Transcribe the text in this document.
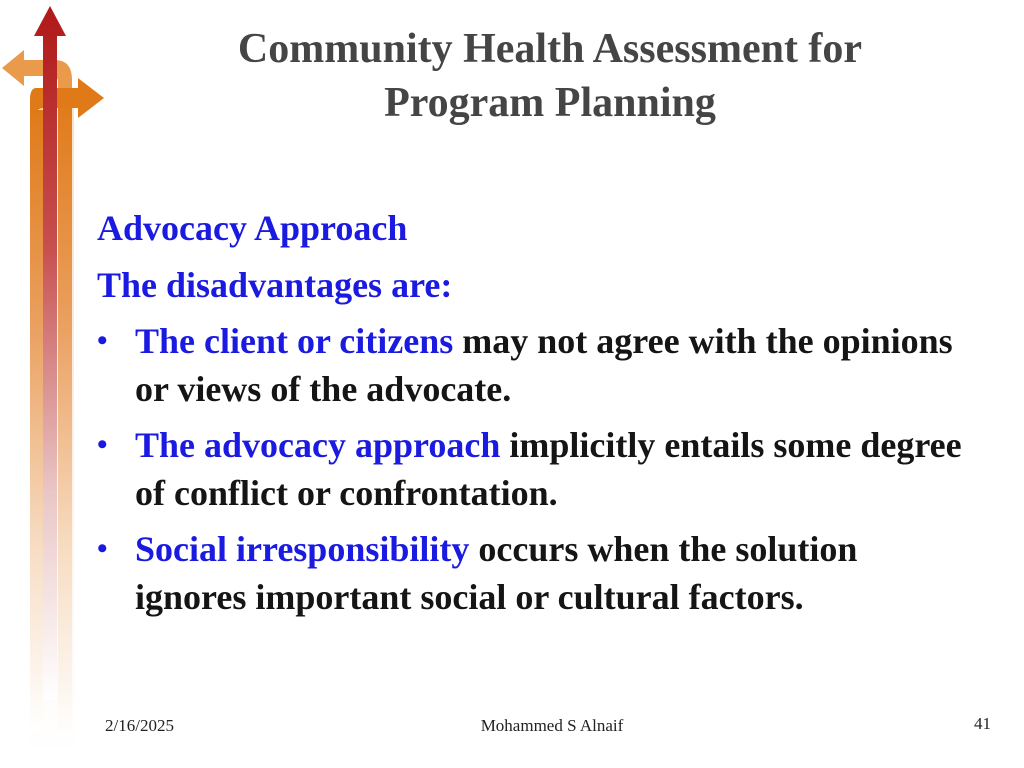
Community Health Assessment for
Program Planning
Advocacy Approach
The disadvantages are:
• The client or citizens may not agree with the opinions or views of the advocate.
• The advocacy approach implicitly entails some degree of conflict or confrontation.
• Social irresponsibility occurs when the solution ignores important social or cultural factors.
2/16/2025	Mohammed S Alnaif	41
